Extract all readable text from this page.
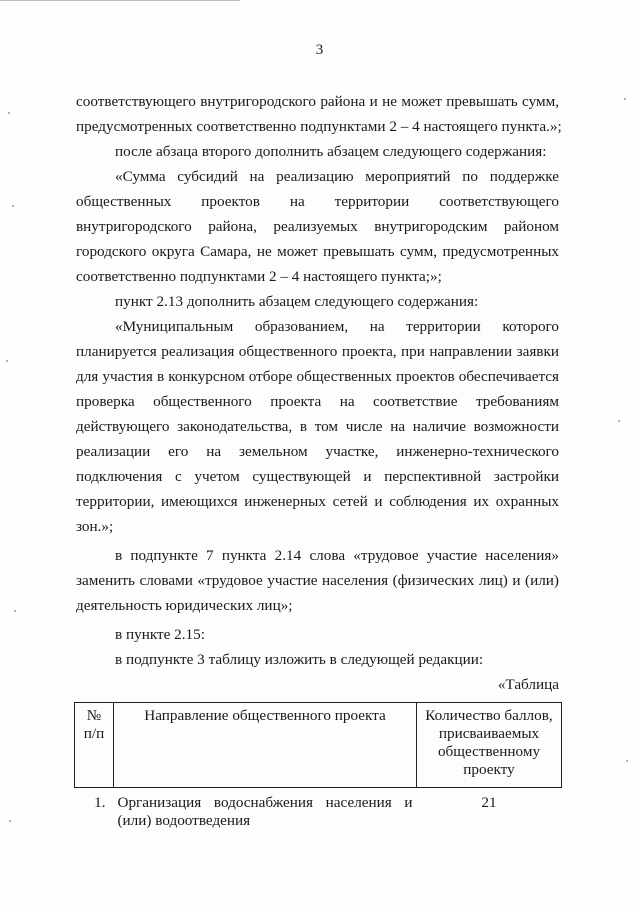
3
соответствующего внутригородского района и не может превышать сумм,
предусмотренных соответственно подпунктами 2 – 4 настоящего пункта.»;
после абзаца второго дополнить абзацем следующего содержания:
«Сумма субсидий на реализацию мероприятий по поддержке
общественных проектов на территории соответствующего
внутригородского района, реализуемых внутригородским районом
городского округа Самара, не может превышать сумм, предусмотренных
соответственно подпунктами 2 – 4 настоящего пункта;»;
пункт 2.13 дополнить абзацем следующего содержания:
«Муниципальным образованием, на территории которого
планируется реализация общественного проекта, при направлении заявки
для участия в конкурсном отборе общественных проектов обеспечивается
проверка общественного проекта на соответствие требованиям
действующего законодательства, в том числе на наличие возможности
реализации его на земельном участке, инженерно-технического
подключения с учетом существующей и перспективной застройки
территории, имеющихся инженерных сетей и соблюдения их охранных
зон.»;
в подпункте 7 пункта 2.14 слова «трудовое участие населения»
заменить словами «трудовое участие населения (физических лиц) и (или)
деятельность юридических лиц»;
в пункте 2.15:
в подпункте 3 таблицу изложить в следующей редакции:
«Таблица
№ п/п	Направление общественного проекта	Количество баллов, присваиваемых общественному проекту
1.	Организация водоснабжения населения и (или) водоотведения	21
